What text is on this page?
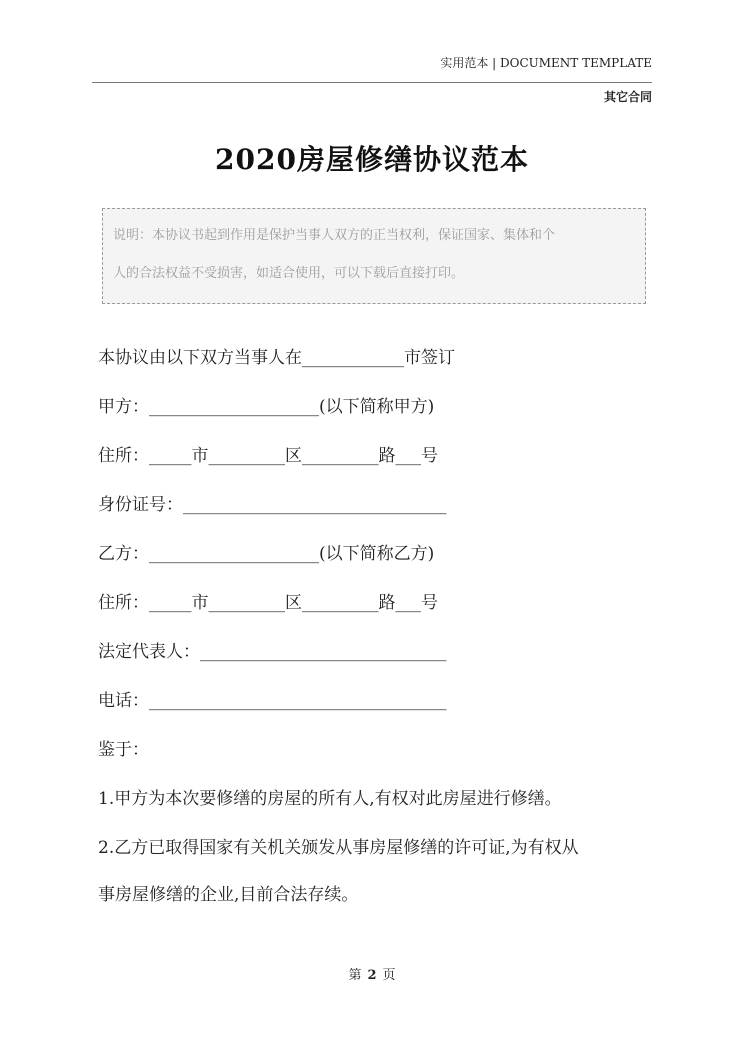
实用范本 | DOCUMENT TEMPLATE
其它合同
2020房屋修缮协议范本
说明：本协议书起到作用是保护当事人双方的正当权利，保证国家、集体和个
人的合法权益不受损害，如适合使用，可以下载后直接打印。
本协议由以下双方当事人在____________市签订
甲方：____________________(以下简称甲方)
住所：_____市_________区_________路___号
身份证号：_______________________________
乙方：____________________(以下简称乙方)
住所：_____市_________区_________路___号
法定代表人：_____________________________
电话：___________________________________
鉴于：
1.甲方为本次要修缮的房屋的所有人,有权对此房屋进行修缮。
2.乙方已取得国家有关机关颁发从事房屋修缮的许可证,为有权从
事房屋修缮的企业,目前合法存续。
第 2 页
